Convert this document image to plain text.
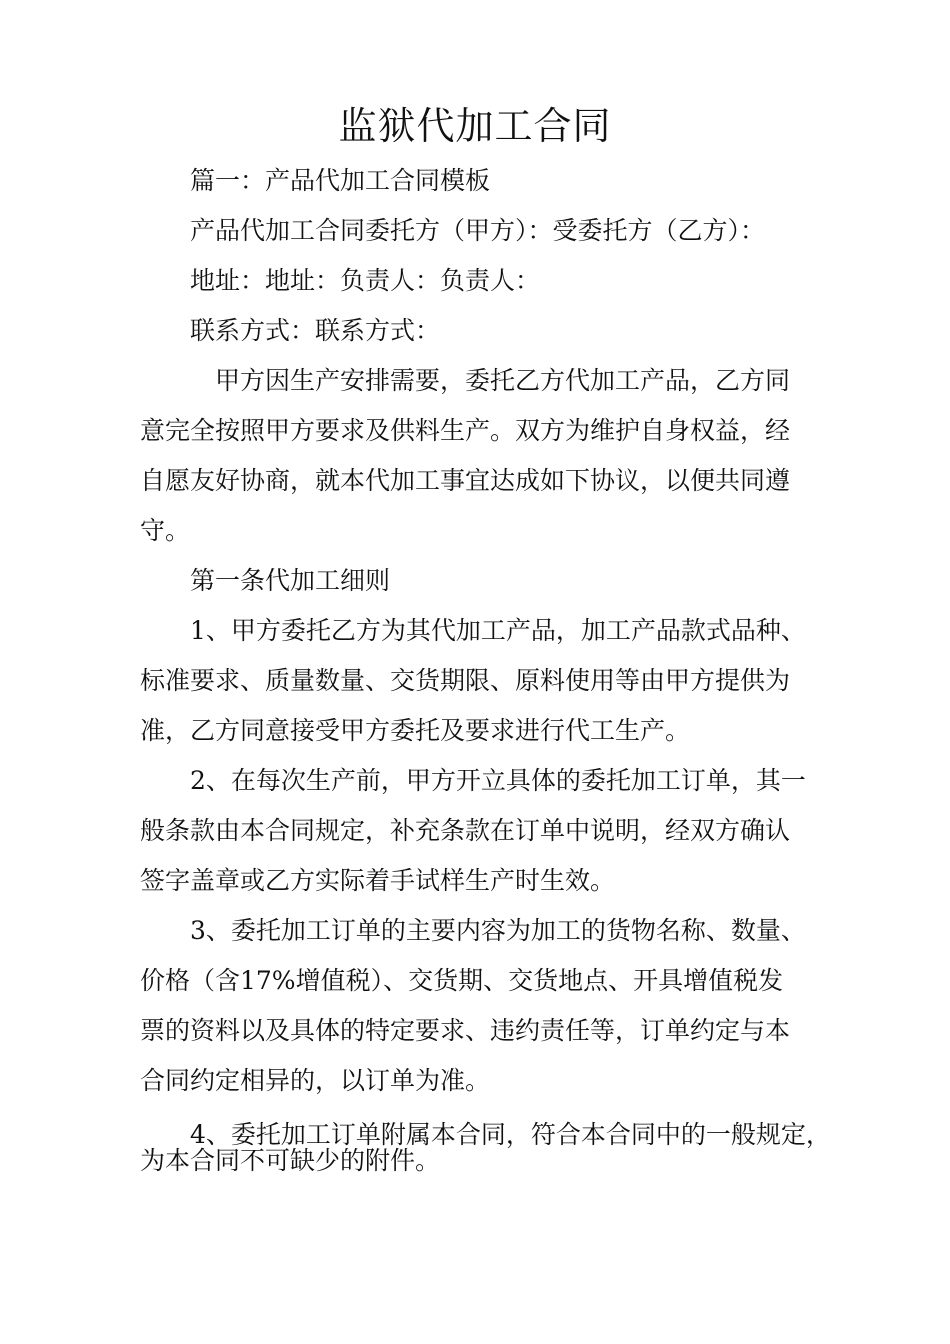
监狱代加工合同

篇一：产品代加工合同模板

产品代加工合同委托方（甲方）：受委托方（乙方）：

地址：地址：负责人：负责人：

联系方式：联系方式：

甲方因生产安排需要，委托乙方代加工产品，乙方同

意完全按照甲方要求及供料生产。双方为维护自身权益，经

自愿友好协商，就本代加工事宜达成如下协议，以便共同遵

守。

第一条代加工细则

1、甲方委托乙方为其代加工产品，加工产品款式品种、

标准要求、质量数量、交货期限、原料使用等由甲方提供为

准，乙方同意接受甲方委托及要求进行代工生产。

2、在每次生产前，甲方开立具体的委托加工订单，其一

般条款由本合同规定，补充条款在订单中说明，经双方确认

签字盖章或乙方实际着手试样生产时生效。

3、委托加工订单的主要内容为加工的货物名称、数量、

价格（含17%增值税）、交货期、交货地点、开具增值税发

票的资料以及具体的特定要求、违约责任等，订单约定与本

合同约定相异的，以订单为准。

4、委托加工订单附属本合同，符合本合同中的一般规定，为本合同不可缺少的附件。
